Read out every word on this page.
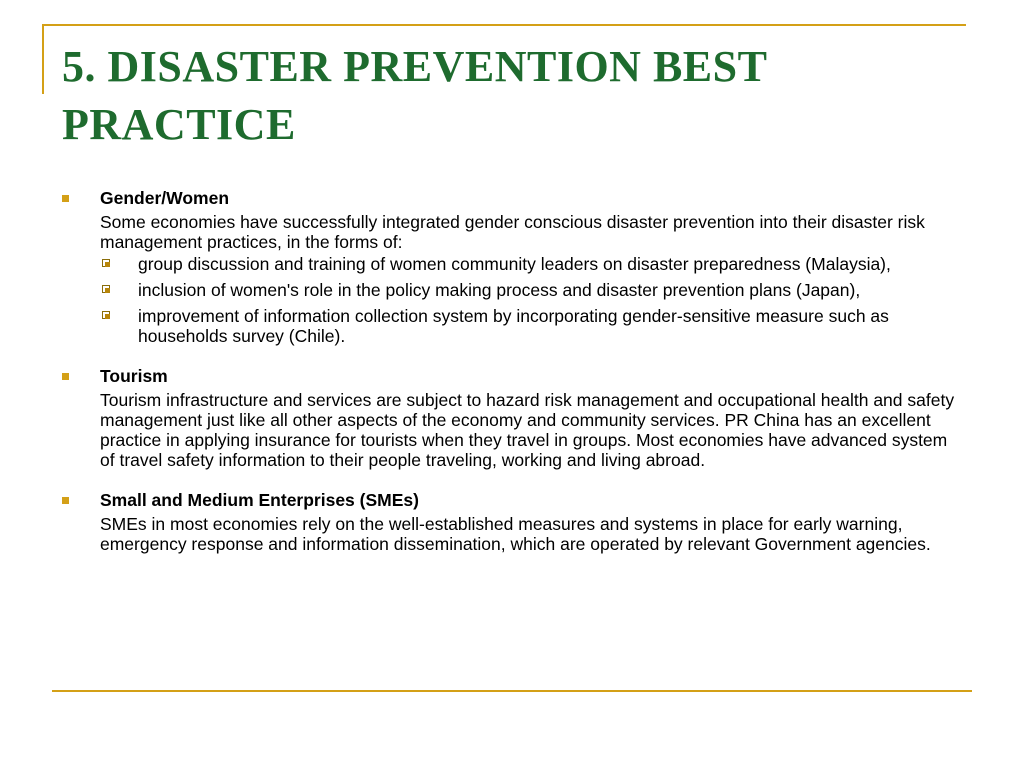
5. DISASTER PREVENTION BEST PRACTICE
Gender/Women
Some economies have successfully integrated gender conscious disaster prevention into their disaster risk management practices, in the forms of:
group discussion and training of women community leaders on disaster preparedness (Malaysia),
inclusion of women's role in the policy making process and disaster prevention plans (Japan),
improvement of information collection system by incorporating gender-sensitive measure such as households survey (Chile).
Tourism
Tourism infrastructure and services are subject to hazard risk management and occupational health and safety management just like all other aspects of the economy and community services. PR China has an excellent practice in applying insurance for tourists when they travel in groups. Most economies have advanced system of travel safety information to their people traveling, working and living abroad.
Small and Medium Enterprises (SMEs)
SMEs in most economies rely on the well-established measures and systems in place for early warning, emergency response and information dissemination, which are operated by relevant Government agencies.
